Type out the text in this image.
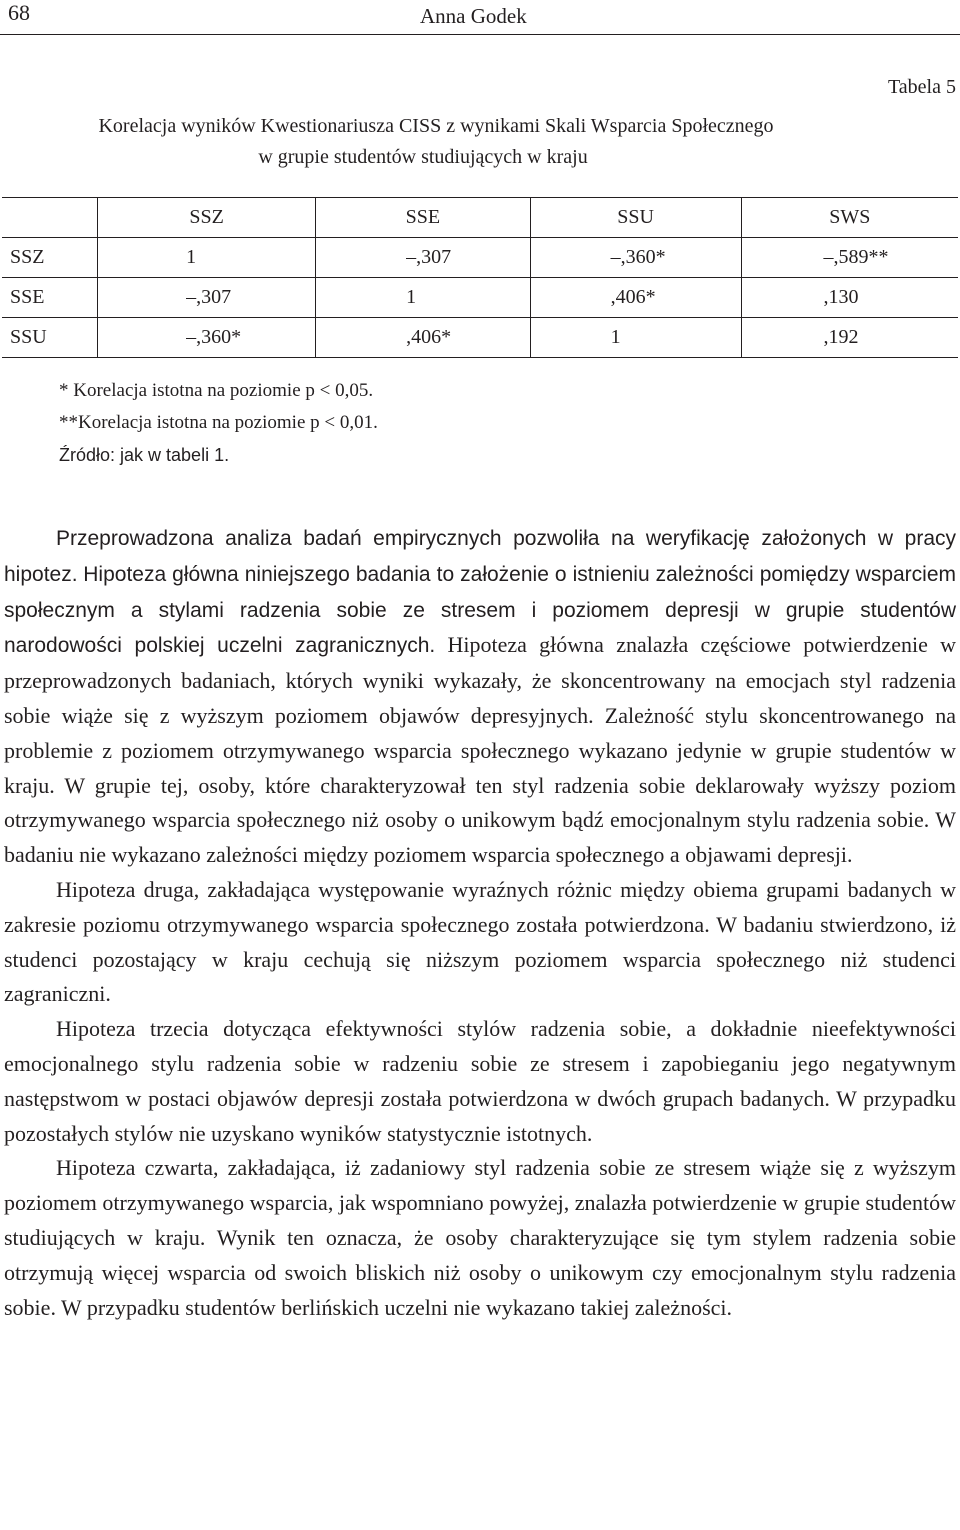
68	Anna Godek
Tabela 5
Korelacja wyników Kwestionariusza CISS z wynikami Skali Wsparcia Społecznego
w grupie studentów studiujących w kraju
	SSZ	SSE	SSU	SWS
SSZ	1	–,307	–,360*	–,589**
SSE	–,307	1	,406*	,130
SSU	–,360*	,406*	1	,192
* Korelacja istotna na poziomie p < 0,05.
**Korelacja istotna na poziomie p < 0,01.
Źródło: jak w tabeli 1.

Przeprowadzona analiza badań empirycznych pozwoliła na weryfikację założonych w pracy hipotez. Hipoteza główna niniejszego badania to założenie o istnieniu zależności pomiędzy wsparciem społecznym a stylami radzenia sobie ze stresem i poziomem depresji w grupie studentów narodowości polskiej uczelni zagranicznych. Hipoteza główna znalazła częściowe potwierdzenie w przeprowadzonych badaniach, których wyniki wykazały, że skoncentrowany na emocjach styl radzenia sobie wiąże się z wyższym poziomem objawów depresyjnych. Zależność stylu skoncentrowanego na problemie z poziomem otrzymywanego wsparcia społecznego wykazano jedynie w grupie studentów w kraju. W grupie tej, osoby, które charakteryzował ten styl radzenia sobie deklarowały wyższy poziom otrzymywanego wsparcia społecznego niż osoby o unikowym bądź emocjonalnym stylu radzenia sobie. W badaniu nie wykazano zależności między poziomem wsparcia społecznego a objawami depresji.

Hipoteza druga, zakładająca występowanie wyraźnych różnic między obiema grupami badanych w zakresie poziomu otrzymywanego wsparcia społecznego została potwierdzona. W badaniu stwierdzono, iż studenci pozostający w kraju cechują się niższym poziomem wsparcia społecznego niż studenci zagraniczni.

Hipoteza trzecia dotycząca efektywności stylów radzenia sobie, a dokładnie nieefektywności emocjonalnego stylu radzenia sobie w radzeniu sobie ze stresem i zapobieganiu jego negatywnym następstwom w postaci objawów depresji została potwierdzona w dwóch grupach badanych. W przypadku pozostałych stylów nie uzyskano wyników statystycznie istotnych.

Hipoteza czwarta, zakładająca, iż zadaniowy styl radzenia sobie ze stresem wiąże się z wyższym poziomem otrzymywanego wsparcia, jak wspomniano powyżej, znalazła potwierdzenie w grupie studentów studiujących w kraju. Wynik ten oznacza, że osoby charakteryzujące się tym stylem radzenia sobie otrzymują więcej wsparcia od swoich bliskich niż osoby o unikowym czy emocjonalnym stylu radzenia sobie. W przypadku studentów berlińskich uczelni nie wykazano takiej zależności.
